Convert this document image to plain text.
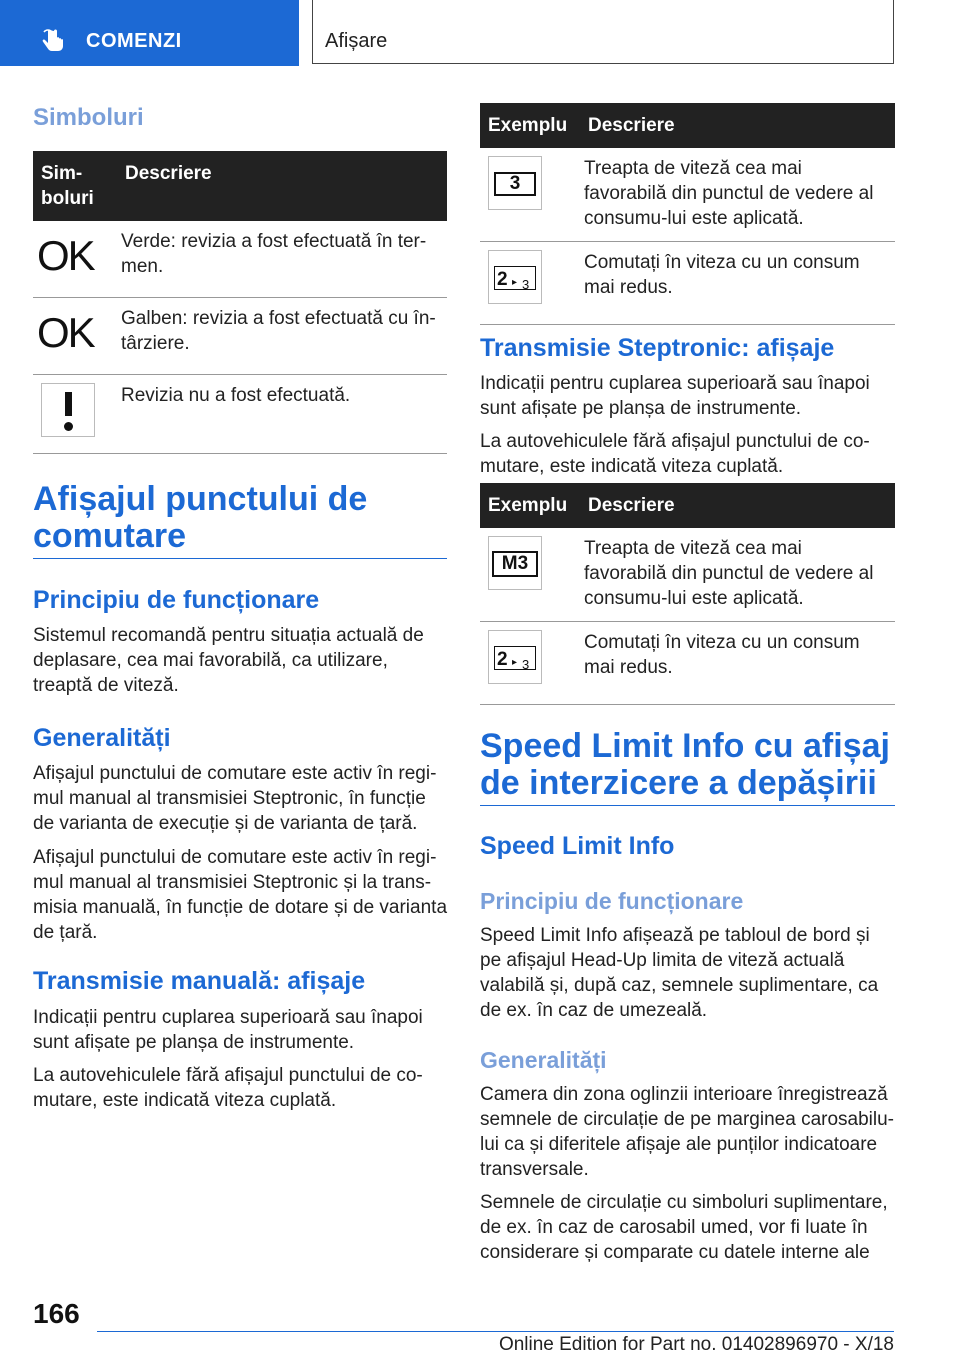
COMENZI	Afișare
Simboluri
Sim-
boluri	Descriere
OK	Verde: revizia a fost efectuată în ter-
men.
OK	Galben: revizia a fost efectuată cu în-
târziere.

	Revizia nu a fost efectuată.
Afișajul punctului de
comutare
Principiu de funcționare

Sistemul recomandă pentru situația actuală de deplasare, cea mai favorabilă, ca utilizare, treaptă de viteză.

Generalități

Afișajul punctului de comutare este activ în regi-mul manual al transmisiei Steptronic, în funcție de varianta de execuție și de varianta de țară.

Afișajul punctului de comutare este activ în regi-mul manual al transmisiei Steptronic și la trans-misia manuală, în funcție de dotare și de varianta de țară.

Transmisie manuală: afișaje

Indicații pentru cuplarea superioară sau înapoi sunt afișate pe planșa de instrumente.

La autovehiculele fără afișajul punctului de co-mutare, este indicată viteza cuplată.

Exemplu	Descriere

3	Treapta de viteză cea mai favorabilă din punctul de vedere al consumu-lui este aplicată.

2 ▸ 3	Comutați în viteza cu un consum mai redus.
Transmisie Steptronic: afișaje

Indicații pentru cuplarea superioară sau înapoi sunt afișate pe planșa de instrumente.

La autovehiculele fără afișajul punctului de co-mutare, este indicată viteza cuplată.

Exemplu	Descriere

M3	Treapta de viteză cea mai favorabilă din punctul de vedere al consumu-lui este aplicată.

2 ▸ 3	Comutați în viteza cu un consum mai redus.
Speed Limit Info cu afișaj
de interzicere a depășirii
Speed Limit Info
Principiu de funcționare

Speed Limit Info afișează pe tabloul de bord și pe afișajul Head-Up limita de viteză actuală valabilă și, după caz, semnele suplimentare, ca de ex. în caz de umezeală.

Generalități

Camera din zona oglinzii interioare înregistrează semnele de circulație de pe marginea carosabilu-lui ca și diferitele afișaje ale punților indicatoare transversale.

Semnele de circulație cu simboluri suplimentare, de ex. în caz de carosabil umed, vor fi luate în considerare și comparate cu datele interne ale

166
Online Edition for Part no. 01402896970 - X/18
